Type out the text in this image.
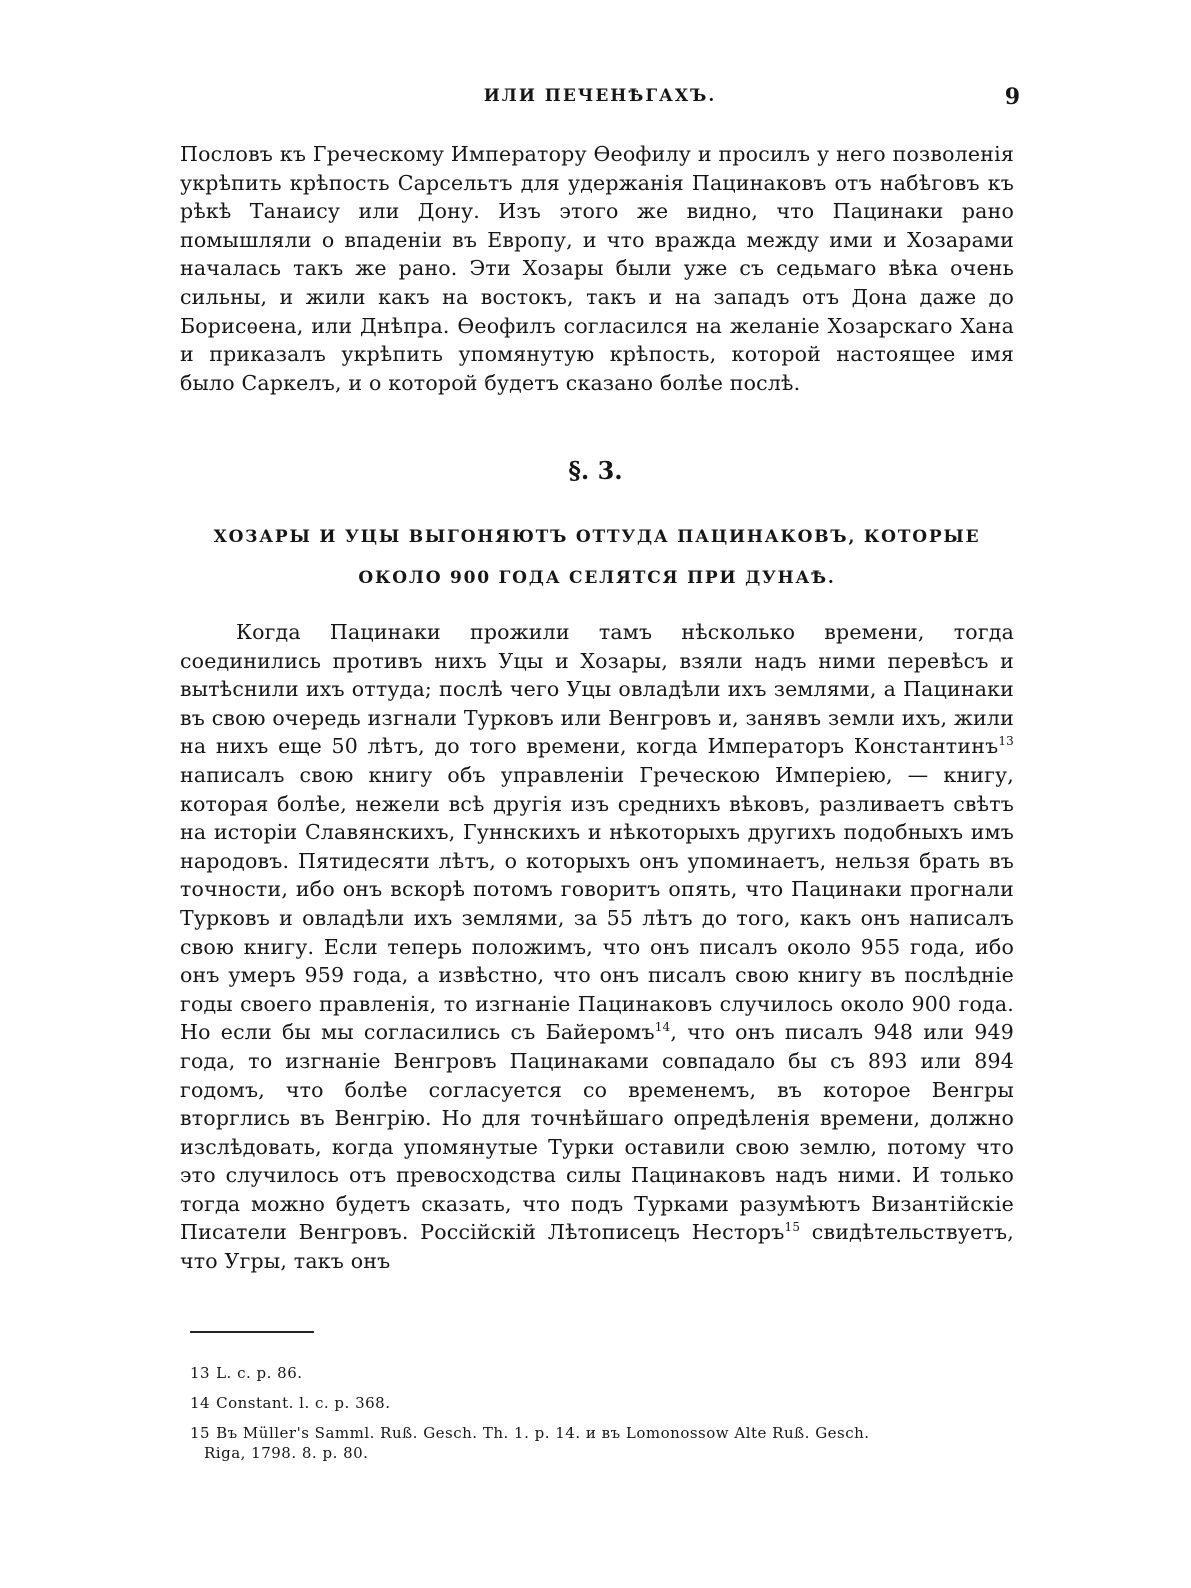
ИЛИ ПЕЧЕНѢГАХЪ.	9

Пословъ къ Греческому Императору Ѳеофилу и просилъ у него позволенія укрѣпить крѣпость Сарсельтъ для удержанія Пацинаковъ отъ набѣговъ къ рѣкѣ Танаису или Дону. Изъ этого же видно, что Пацинаки рано помышляли о впаденіи въ Европу, и что вражда между ими и Хозарами началась такъ же рано. Эти Хозары были уже съ седьмаго вѣка очень сильны, и жили какъ на востокъ, такъ и на западъ отъ Дона даже до Борисѳена, или Днѣпра. Ѳеофилъ согласился на желаніе Хозарскаго Хана и приказалъ укрѣпить упомянутую крѣпость, которой настоящее имя было Саркелъ, и о которой будетъ сказано болѣе послѣ.

§. 3.

ХОЗАРЫ И УЦЫ ВЫГОНЯЮТЪ ОТТУДА ПАЦИНАКОВЪ, КОТОРЫЕ

ОКОЛО 900 ГОДА СЕЛЯТСЯ ПРИ ДУНАѢ.

Когда Пацинаки прожили тамъ нѣсколько времени, тогда соединились противъ нихъ Уцы и Хозары, взяли надъ ними перевѣсъ и вытѣснили ихъ оттуда; послѣ чего Уцы овладѣли ихъ землями, а Пацинаки въ свою очередь изгнали Турковъ или Венгровъ и, занявъ земли ихъ, жили на нихъ еще 50 лѣтъ, до того времени, когда Императоръ Константинъ$^{13}$ написалъ свою книгу объ управленіи Греческою Имперіею, — книгу, которая болѣе, нежели всѣ другія изъ среднихъ вѣковъ, разливаетъ свѣтъ на исторіи Славянскихъ, Гуннскихъ и нѣкоторыхъ другихъ подобныхъ имъ народовъ. Пятидесяти лѣтъ, о которыхъ онъ упоминаетъ, нельзя брать въ точности, ибо онъ вскорѣ потомъ говоритъ опять, что Пацинаки прогнали Турковъ и овладѣли ихъ землями, за 55 лѣтъ до того, какъ онъ написалъ свою книгу. Если теперь положимъ, что онъ писалъ около 955 года, ибо онъ умеръ 959 года, а извѣстно, что онъ писалъ свою книгу въ послѣдніе годы своего правленія, то изгнаніе Пацинаковъ случилось около 900 года. Но если бы мы согласились съ Байеромъ$^{14}$, что онъ писалъ 948 или 949 года, то изгнаніе Венгровъ Пацинаками совпадало бы съ 893 или 894 годомъ, что болѣе согласуется со временемъ, въ которое Венгры вторглись въ Венгрію. Но для точнѣйшаго опредѣленія времени, должно изслѣдовать, когда упомянутые Турки оставили свою землю, потому что это случилось отъ превосходства силы Пацинаковъ надъ ними. И только тогда можно будетъ сказать, что подъ Турками разумѣютъ Византійскіе Писатели Венгровъ. Россійскій Лѣтописецъ Несторъ$^{15}$ свидѣтельствуетъ, что Угры, такъ онъ

13 L. c. p. 86.

14 Constant. l. c. p. 368.

15 Въ Müller's Samml. Ruß. Gesch. Th. 1. p. 14. и въ Lomonossow Alte Ruß. Gesch.
Riga, 1798. 8. p. 80.
